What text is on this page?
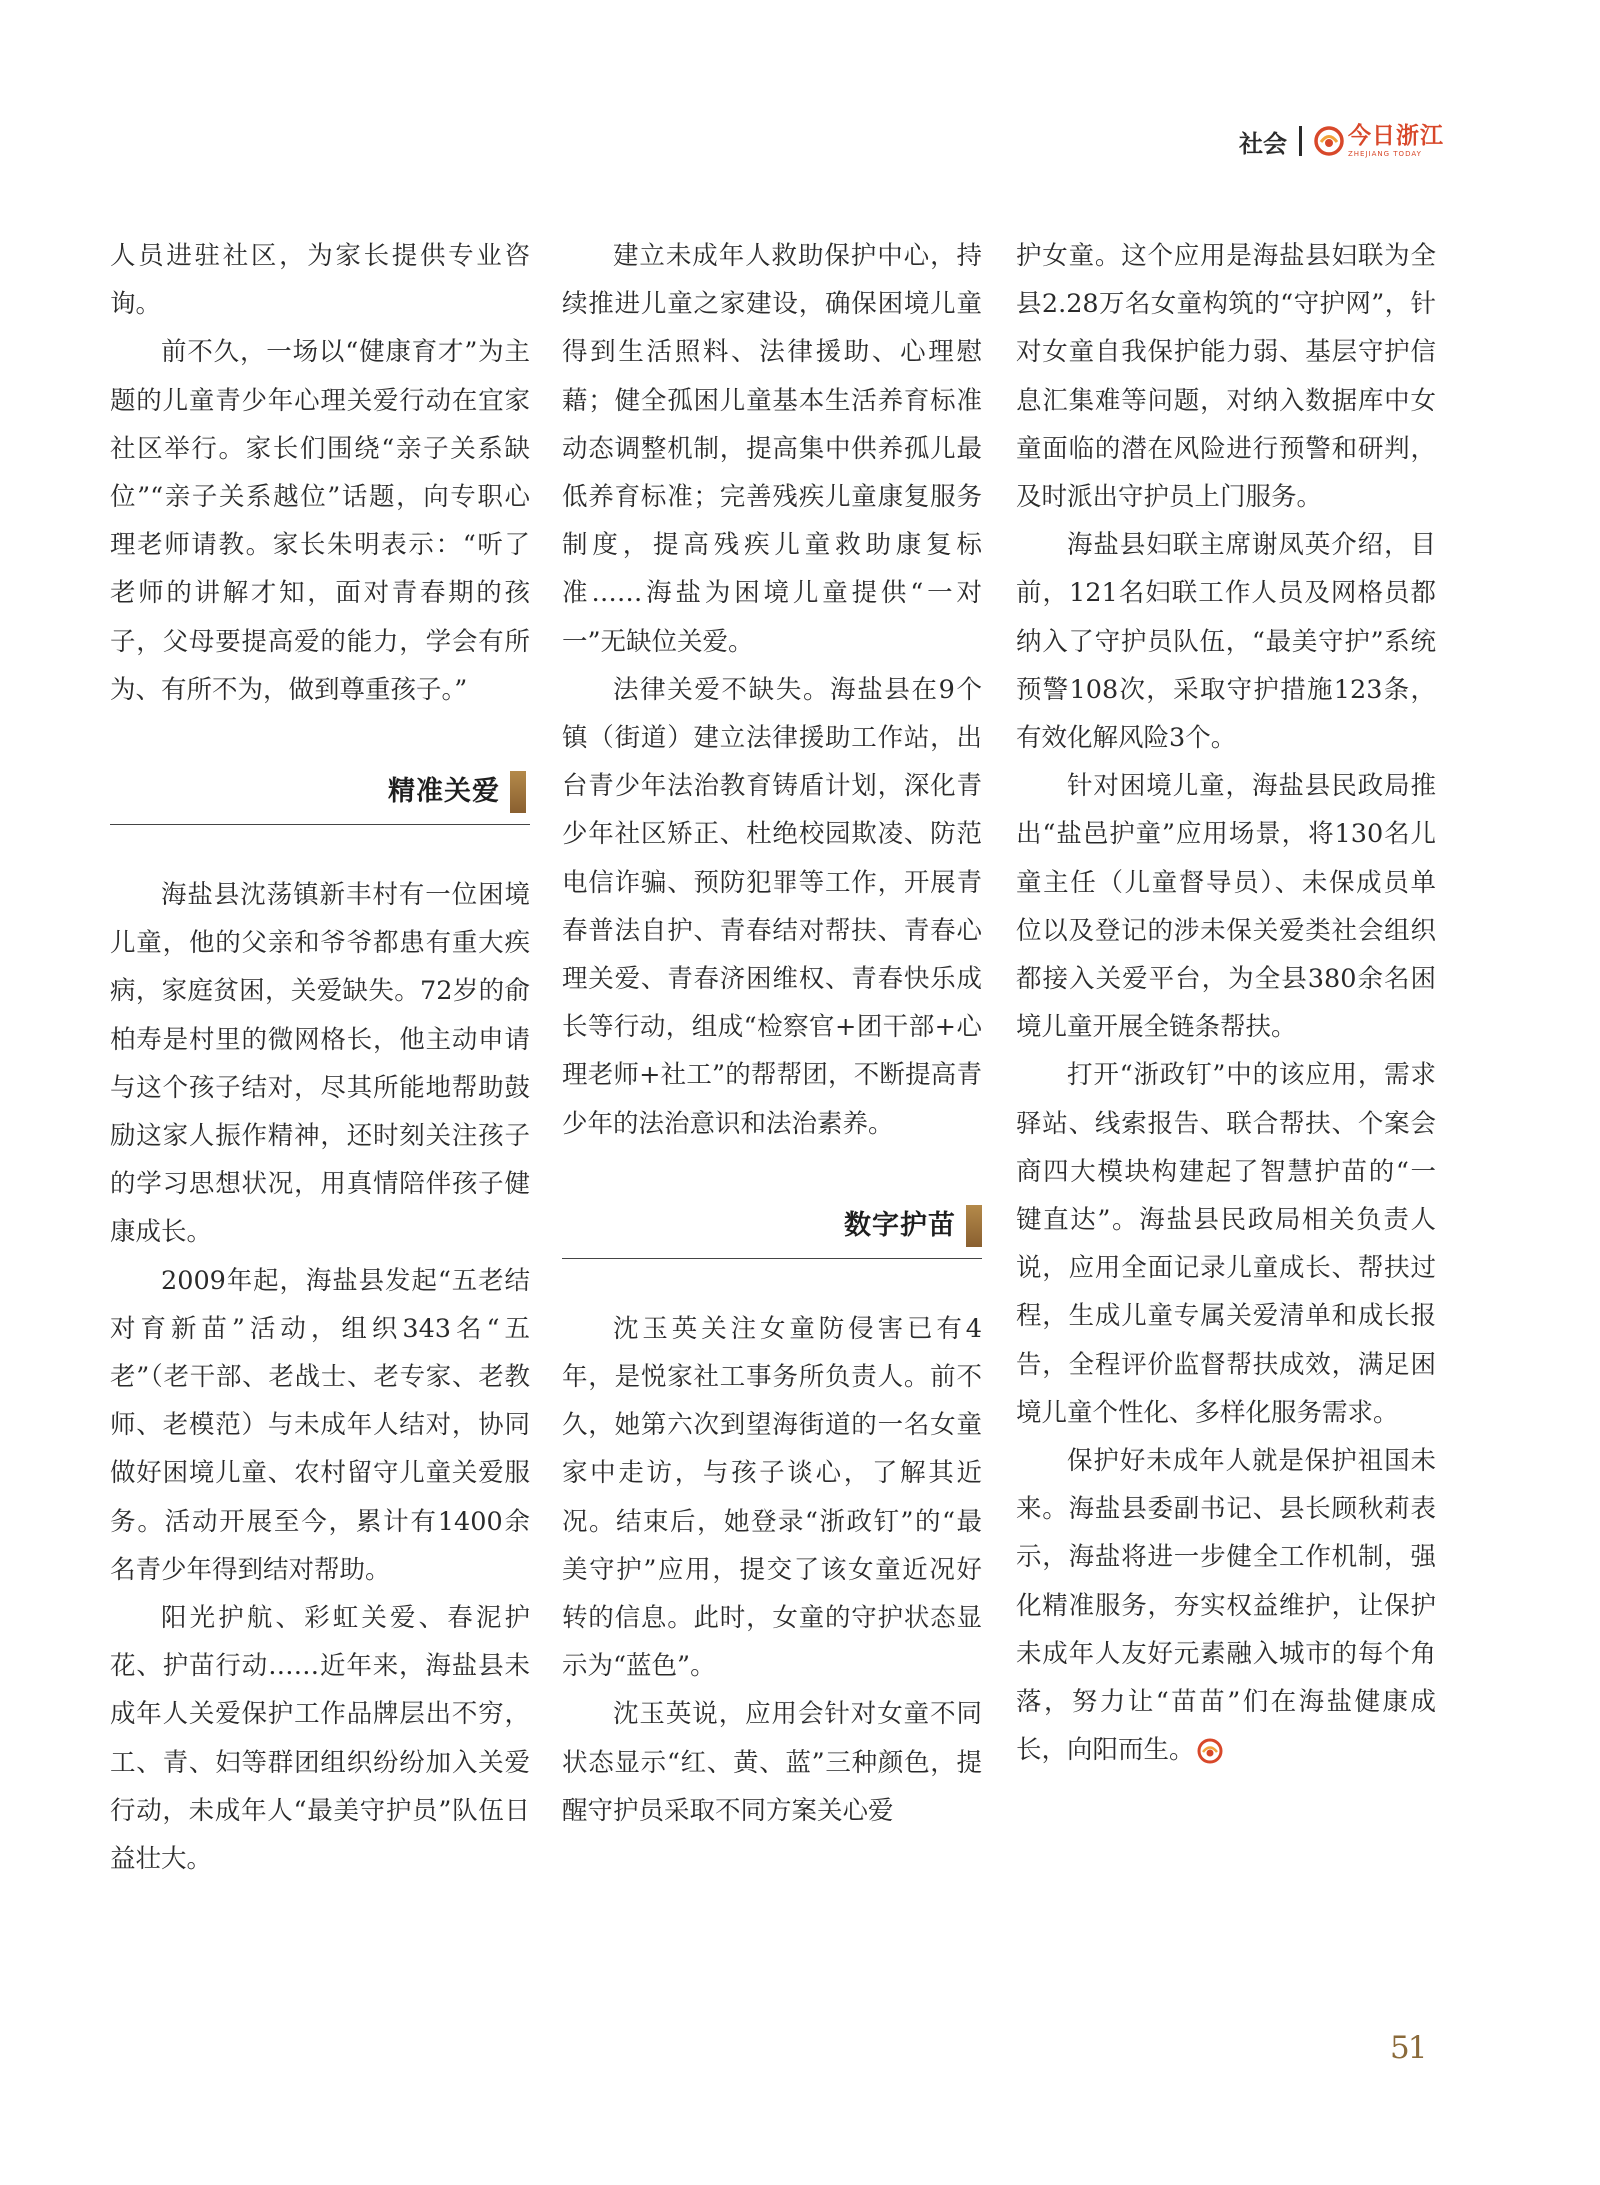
社会	今日浙江
ZHEJIANG TODAY

人员进驻社区，为家长提供专业咨询。

前不久，一场以“健康育才”为主题的儿童青少年心理关爱行动在宜家社区举行。家长们围绕“亲子关系缺位”“亲子关系越位”话题，向专职心理老师请教。家长朱明表示：“听了老师的讲解才知，面对青春期的孩子，父母要提高爱的能力，学会有所为、有所不为，做到尊重孩子。”

精准关爱

海盐县沈荡镇新丰村有一位困境儿童，他的父亲和爷爷都患有重大疾病，家庭贫困，关爱缺失。72岁的俞柏寿是村里的微网格长，他主动申请与这个孩子结对，尽其所能地帮助鼓励这家人振作精神，还时刻关注孩子的学习思想状况，用真情陪伴孩子健康成长。

2009年起，海盐县发起“五老结对育新苗”活动，组织343名“五老”（老干部、老战士、老专家、老教师、老模范）与未成年人结对，协同做好困境儿童、农村留守儿童关爱服务。活动开展至今，累计有1400余名青少年得到结对帮助。

阳光护航、彩虹关爱、春泥护花、护苗行动……近年来，海盐县未成年人关爱保护工作品牌层出不穷，工、青、妇等群团组织纷纷加入关爱行动，未成年人“最美守护员”队伍日益壮大。

建立未成年人救助保护中心，持续推进儿童之家建设，确保困境儿童得到生活照料、法律援助、心理慰藉；健全孤困儿童基本生活养育标准动态调整机制，提高集中供养孤儿最低养育标准；完善残疾儿童康复服务制度，提高残疾儿童救助康复标准……海盐为困境儿童提供“一对一”无缺位关爱。

法律关爱不缺失。海盐县在9个镇（街道）建立法律援助工作站，出台青少年法治教育铸盾计划，深化青少年社区矫正、杜绝校园欺凌、防范电信诈骗、预防犯罪等工作，开展青春普法自护、青春结对帮扶、青春心理关爱、青春济困维权、青春快乐成长等行动，组成“检察官+团干部+心理老师+社工”的帮帮团，不断提高青少年的法治意识和法治素养。

数字护苗

沈玉英关注女童防侵害已有4年，是悦家社工事务所负责人。前不久，她第六次到望海街道的一名女童家中走访，与孩子谈心，了解其近况。结束后，她登录“浙政钉”的“最美守护”应用，提交了该女童近况好转的信息。此时，女童的守护状态显示为“蓝色”。

沈玉英说，应用会针对女童不同状态显示“红、黄、蓝”三种颜色，提醒守护员采取不同方案关心爱

护女童。这个应用是海盐县妇联为全县2.28万名女童构筑的“守护网”，针对女童自我保护能力弱、基层守护信息汇集难等问题，对纳入数据库中女童面临的潜在风险进行预警和研判，及时派出守护员上门服务。

海盐县妇联主席谢凤英介绍，目前，121名妇联工作人员及网格员都纳入了守护员队伍，“最美守护”系统预警108次，采取守护措施123条，有效化解风险3个。

针对困境儿童，海盐县民政局推出“盐邑护童”应用场景，将130名儿童主任（儿童督导员）、未保成员单位以及登记的涉未保关爱类社会组织都接入关爱平台，为全县380余名困境儿童开展全链条帮扶。

打开“浙政钉”中的该应用，需求驿站、线索报告、联合帮扶、个案会商四大模块构建起了智慧护苗的“一键直达”。海盐县民政局相关负责人说，应用全面记录儿童成长、帮扶过程，生成儿童专属关爱清单和成长报告，全程评价监督帮扶成效，满足困境儿童个性化、多样化服务需求。

保护好未成年人就是保护祖国未来。海盐县委副书记、县长顾秋莉表示，海盐将进一步健全工作机制，强化精准服务，夯实权益维护，让保护未成年人友好元素融入城市的每个角落，努力让“苗苗”们在海盐健康成长，向阳而生。

51
